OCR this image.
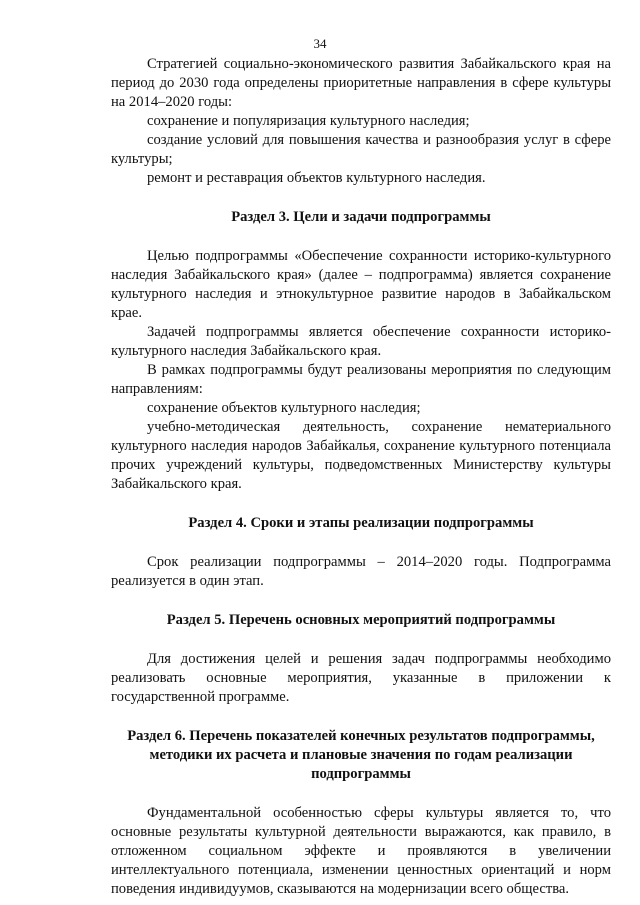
34

Стратегией социально-экономического развития Забайкальского края на период до 2030 года определены приоритетные направления в сфере культуры на 2014–2020 годы:

сохранение и популяризация культурного наследия;

создание условий для повышения качества и разнообразия услуг в сфере культуры;

ремонт и реставрация объектов культурного наследия.

Раздел 3. Цели и задачи подпрограммы

Целью подпрограммы «Обеспечение сохранности историко-культурного наследия Забайкальского края» (далее – подпрограмма) является сохранение культурного наследия и этнокультурное развитие народов в Забайкальском крае.

Задачей подпрограммы является обеспечение сохранности историко-культурного наследия Забайкальского края.

В рамках подпрограммы будут реализованы мероприятия по следующим направлениям:

сохранение объектов культурного наследия;

учебно-методическая деятельность, сохранение нематериального культурного наследия народов Забайкалья, сохранение культурного потенциала прочих учреждений культуры, подведомственных Министерству культуры Забайкальского края.

Раздел 4. Сроки и этапы реализации подпрограммы

Срок реализации подпрограммы – 2014–2020 годы. Подпрограмма реализуется в один этап.

Раздел 5. Перечень основных мероприятий подпрограммы

Для достижения целей и решения задач подпрограммы необходимо реализовать основные мероприятия, указанные в приложении к государственной программе.

Раздел 6. Перечень показателей конечных результатов подпрограммы, методики их расчета и плановые значения по годам реализации подпрограммы

Фундаментальной особенностью сферы культуры является то, что основные результаты культурной деятельности выражаются, как правило, в отложенном социальном эффекте и проявляются в увеличении интеллектуального потенциала, изменении ценностных ориентаций и норм поведения индивидуумов, сказываются на модернизации всего общества.
